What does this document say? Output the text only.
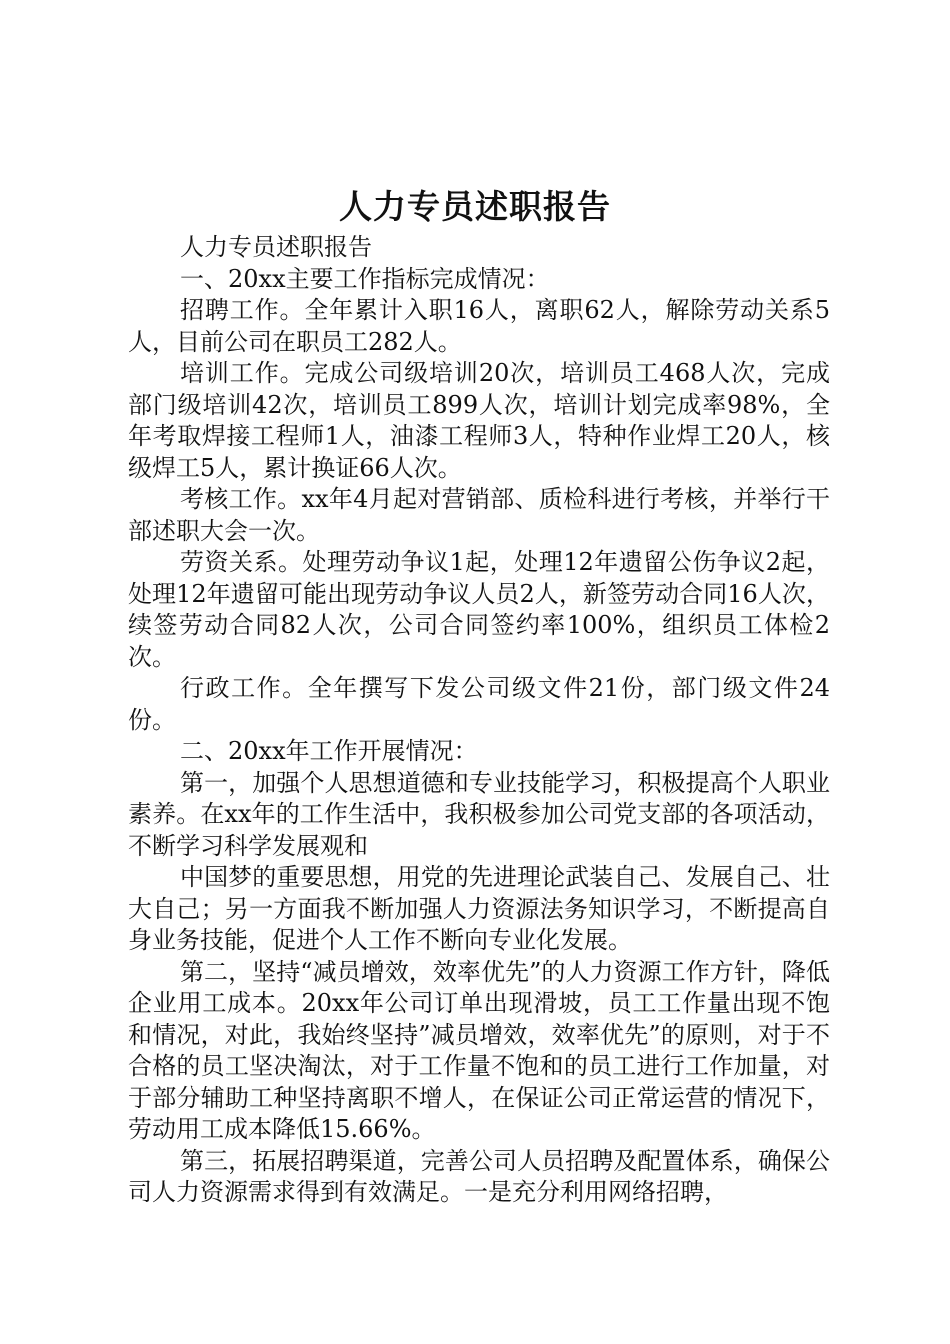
人力专员述职报告

人力专员述职报告

一、20xx主要工作指标完成情况：

招聘工作。全年累计入职16人，离职62人，解除劳动关系5人，目前公司在职员工282人。

培训工作。完成公司级培训20次，培训员工468人次，完成部门级培训42次，培训员工899人次，培训计划完成率98%，全年考取焊接工程师1人，油漆工程师3人，特种作业焊工20人，核级焊工5人，累计换证66人次。

考核工作。xx年4月起对营销部、质检科进行考核，并举行干部述职大会一次。

劳资关系。处理劳动争议1起，处理12年遗留公伤争议2起，处理12年遗留可能出现劳动争议人员2人，新签劳动合同16人次，续签劳动合同82人次，公司合同签约率100%，组织员工体检2次。

行政工作。全年撰写下发公司级文件21份，部门级文件24份。

二、20xx年工作开展情况：

第一，加强个人思想道德和专业技能学习，积极提高个人职业素养。在xx年的工作生活中，我积极参加公司党支部的各项活动，不断学习科学发展观和

中国梦的重要思想，用党的先进理论武装自己、发展自己、壮大自己；另一方面我不断加强人力资源法务知识学习，不断提高自身业务技能，促进个人工作不断向专业化发展。

第二，坚持“减员增效，效率优先”的人力资源工作方针，降低企业用工成本。20xx年公司订单出现滑坡，员工工作量出现不饱和情况，对此，我始终坚持”减员增效，效率优先”的原则，对于不合格的员工坚决淘汰，对于工作量不饱和的员工进行工作加量，对于部分辅助工种坚持离职不增人，在保证公司正常运营的情况下，劳动用工成本降低15.66%。

第三，拓展招聘渠道，完善公司人员招聘及配置体系，确保公司人力资源需求得到有效满足。一是充分利用网络招聘，
